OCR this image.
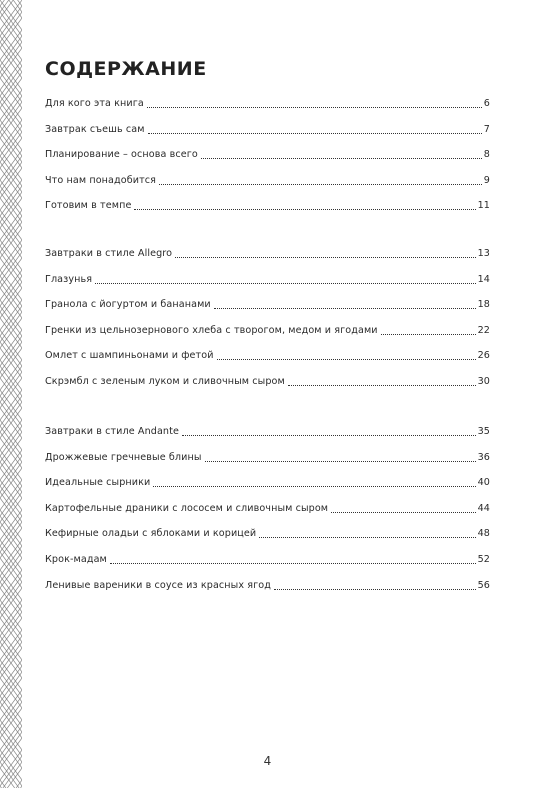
СОДЕРЖАНИЕ
Для кого эта книга	6
Завтрак съешь сам	7
Планирование – основа всего	8
Что нам понадобится	9
Готовим в темпе	11
Завтраки в стиле Allegro	13
Глазунья	14
Гранола с йогуртом и бананами	18
Гренки из цельнозернового хлеба с творогом, медом и ягодами	22
Омлет с шампиньонами и фетой	26
Скрэмбл с зеленым луком и сливочным сыром	30
Завтраки в стиле Andante	35
Дрожжевые гречневые блины	36
Идеальные сырники	40
Картофельные драники с лососем и сливочным сыром	44
Кефирные оладьи с яблоками и корицей	48
Крок-мадам	52
Ленивые вареники в соусе из красных ягод	56
4
